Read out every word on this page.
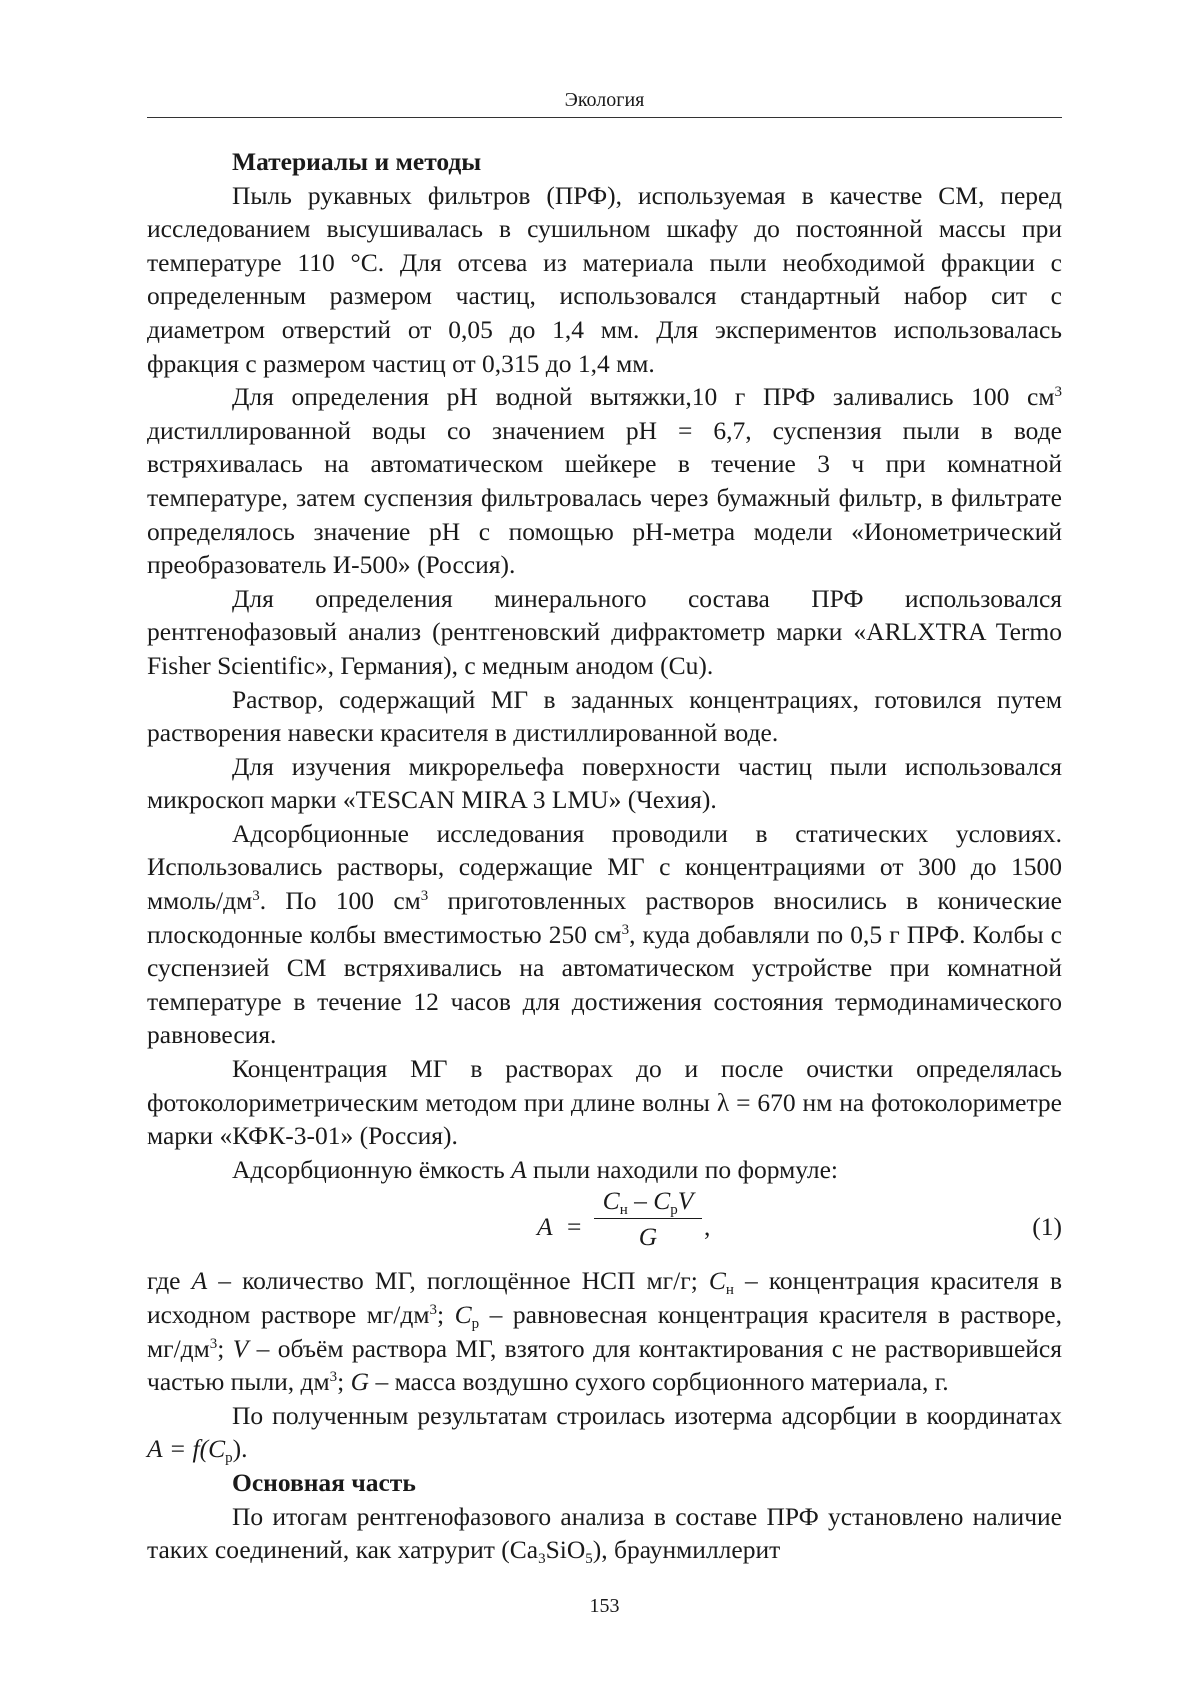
Экология
Материалы и методы

Пыль рукавных фильтров (ПРФ), используемая в качестве СМ, перед исследованием высушивалась в сушильном шкафу до постоянной массы при температуре 110 °С. Для отсева из материала пыли необходимой фракции с определенным размером частиц, использовался стандартный набор сит с диаметром отверстий от 0,05 до 1,4 мм. Для экспериментов использовалась фракция с размером частиц от 0,315 до 1,4 мм.

Для определения рН водной вытяжки,10 г ПРФ заливались 100 $см^3$ дистиллированной воды со значением рН = 6,7, суспензия пыли в воде встряхивалась на автоматическом шейкере в течение 3 ч при комнатной температуре, затем суспензия фильтровалась через бумажный фильтр, в фильтрате определялось значение рН с помощью рН-метра модели «Ионометрический преобразователь И-500» (Россия).

Для определения минерального состава ПРФ использовался рентгенофазовый анализ (рентгеновский дифрактометр марки «ARLXTRA Termo Fisher Scientific», Германия), с медным анодом (Cu).

Раствор, содержащий МГ в заданных концентрациях, готовился путем растворения навески красителя в дистиллированной воде.

Для изучения микрорельефа поверхности частиц пыли использовался микроскоп марки «TESCAN MIRA 3 LMU» (Чехия).

Адсорбционные исследования проводили в статических условиях. Использовались растворы, содержащие МГ с концентрациями от 300 до 1500 ммоль/$дм^3$. По 100 $см^3$ приготовленных растворов вносились в конические плоскодонные колбы вместимостью 250 $см^3$, куда добавляли по 0,5 г ПРФ. Колбы с суспензией СМ встряхивались на автоматическом устройстве при комнатной температуре в течение 12 часов для достижения состояния термодинамического равновесия.

Концентрация МГ в растворах до и после очистки определялась фотоколориметрическим методом при длине волны λ = 670 нм на фотоколориметре марки «КФК-3-01» (Россия).

Адсорбционную ёмкость А пыли находили по формуле:

А =
$С_н - С_рV$
G	,	(1)

где А – количество МГ, поглощённое НСП мг/г; $С_н$ – концентрация красителя в исходном растворе $мг/дм^3$; $С_р$ – равновесная концентрация красителя в растворе, $мг/дм^3$; V – объём раствора МГ, взятого для контактирования с не растворившейся частью пыли, $дм^3$; G – масса воздушно сухого сорбционного материала, г.

По полученным результатам строилась изотерма адсорбции в координатах $А = f(С_р)$.

Основная часть

По итогам рентгенофазового анализа в составе ПРФ установлено наличие таких соединений, как хатрурит $(Ca_3SiO_5)$, браунмиллерит

153
